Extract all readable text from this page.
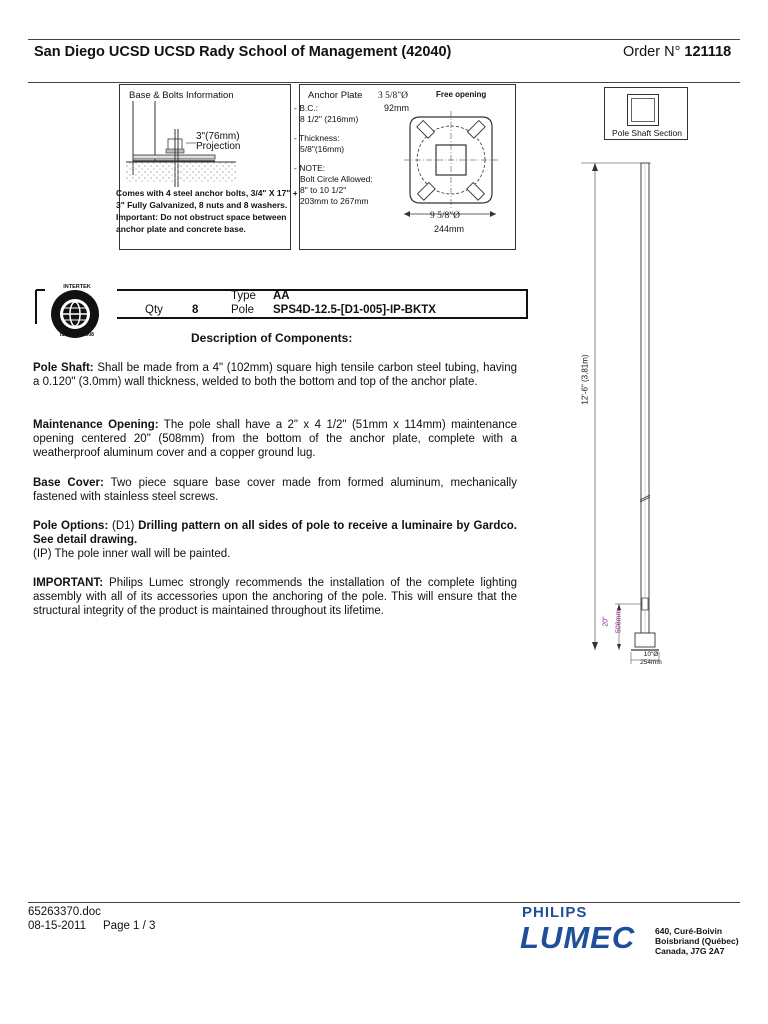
San Diego UCSD UCSD Rady School of Management (42040)	Order N° 121118
Base & Bolts Information
3"(76mm)
Projection
Comes with 4 steel anchor bolts, 3/4" X 17" + 3" Fully Galvanized, 8 nuts and 8 washers. Important: Do not obstruct space between anchor plate and concrete base.
Anchor Plate
- B.C.:
8 1/2" (216mm)
- Thickness:
5/8"(16mm)
- NOTE:
Bolt Circle Allowed:
8" to 10 1/2"
203mm to 267mm
3 5/8"Ø
92mm
Free opening
9 5/8"Ø
244mm
Pole Shaft Section
12'-6" (3,81m)
20" 508mm
10"Ø
254mm
INTERTEK
ISO 9001:2008
Type AA
Qty	8	Pole SPS4D-12.5-[D1-005]-IP-BKTX
Description of Components:
Pole Shaft: Shall be made from a 4" (102mm) square high tensile carbon steel tubing, having a 0.120" (3.0mm) wall thickness, welded to both the bottom and top of the anchor plate.
Maintenance Opening: The pole shall have a 2" x 4 1/2" (51mm x 114mm) maintenance opening centered 20" (508mm) from the bottom of the anchor plate, complete with a weatherproof aluminum cover and a copper ground lug.
Base Cover: Two piece square base cover made from formed aluminum, mechanically fastened with stainless steel screws.
Pole Options: (D1) Drilling pattern on all sides of pole to receive a luminaire by Gardco. See detail drawing.
(IP) The pole inner wall will be painted.
IMPORTANT: Philips Lumec strongly recommends the installation of the complete lighting assembly with all of its accessories upon the anchoring of the pole. This will ensure that the structural integrity of the product is maintained throughout its lifetime.
65263370.doc
08-15-2011 Page 1 / 3
PHILIPS
LUMEC 640, Curé-Boivin
Boisbriand (Québec)
Canada, J7G 2A7
